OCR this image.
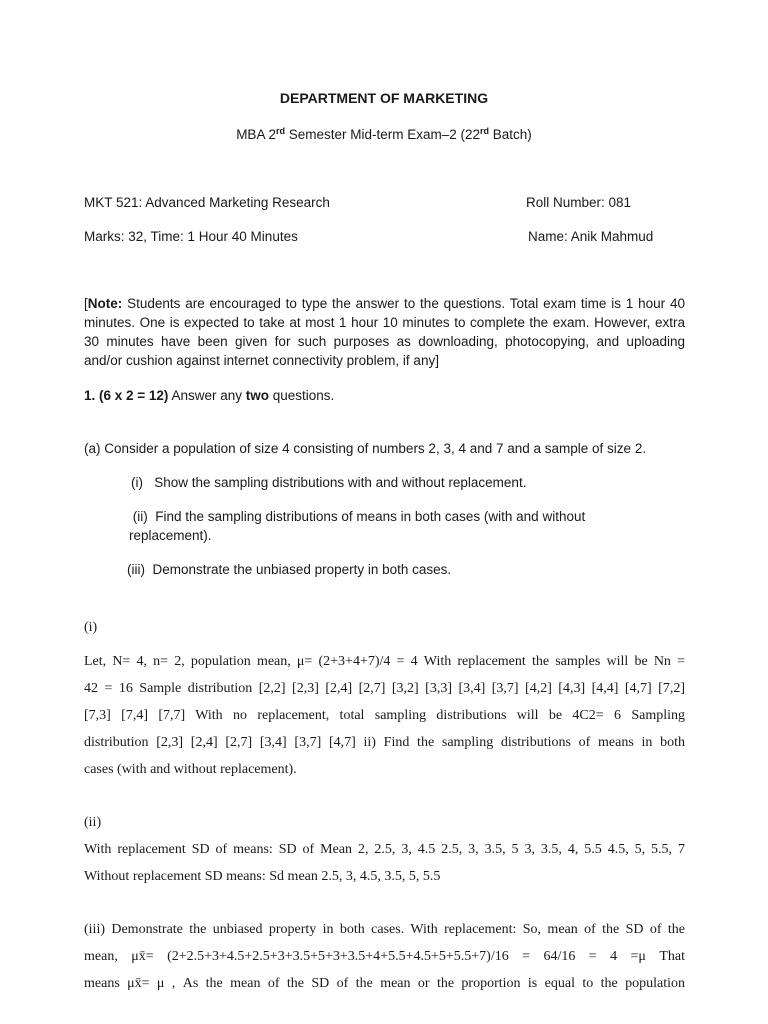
DEPARTMENT OF MARKETING
MBA 2rd Semester Mid-term Exam–2 (22rd Batch)
MKT 521: Advanced Marketing Research	Roll Number: 081
Marks: 32, Time: 1 Hour 40 Minutes	Name: Anik Mahmud
[Note: Students are encouraged to type the answer to the questions. Total exam time is 1 hour 40
minutes. One is expected to take at most 1 hour 10 minutes to complete the exam. However, extra
30 minutes have been given for such purposes as downloading, photocopying, and uploading
and/or cushion against internet connectivity problem, if any]
1. (6 x 2 = 12) Answer any two questions.
(a) Consider a population of size 4 consisting of numbers 2, 3, 4 and 7 and a sample of size 2.
(i)   Show the sampling distributions with and without replacement.
(ii)  Find the sampling distributions of means in both cases (with and without
replacement).
(iii)  Demonstrate the unbiased property in both cases.
(i)
Let, N= 4, n= 2, population mean, μ= (2+3+4+7)/4 = 4 With replacement the samples will be Nn =
42 = 16 Sample distribution [2,2] [2,3] [2,4] [2,7] [3,2] [3,3] [3,4] [3,7] [4,2] [4,3] [4,4] [4,7] [7,2]
[7,3] [7,4] [7,7] With no replacement, total sampling distributions will be 4C2= 6 Sampling
distribution [2,3] [2,4] [2,7] [3,4] [3,7] [4,7] ii) Find the sampling distributions of means in both
cases (with and without replacement).
(ii)
With replacement SD of means: SD of Mean 2, 2.5, 3, 4.5 2.5, 3, 3.5, 5 3, 3.5, 4, 5.5 4.5, 5, 5.5, 7
Without replacement SD means: Sd mean 2.5, 3, 4.5, 3.5, 5, 5.5
(iii) Demonstrate the unbiased property in both cases. With replacement: So, mean of the SD of the
mean, μx̄= (2+2.5+3+4.5+2.5+3+3.5+5+3+3.5+4+5.5+4.5+5+5.5+7)/16 = 64/16 = 4 =μ That
means μx̄= μ , As the mean of the SD of the mean or the proportion is equal to the population
